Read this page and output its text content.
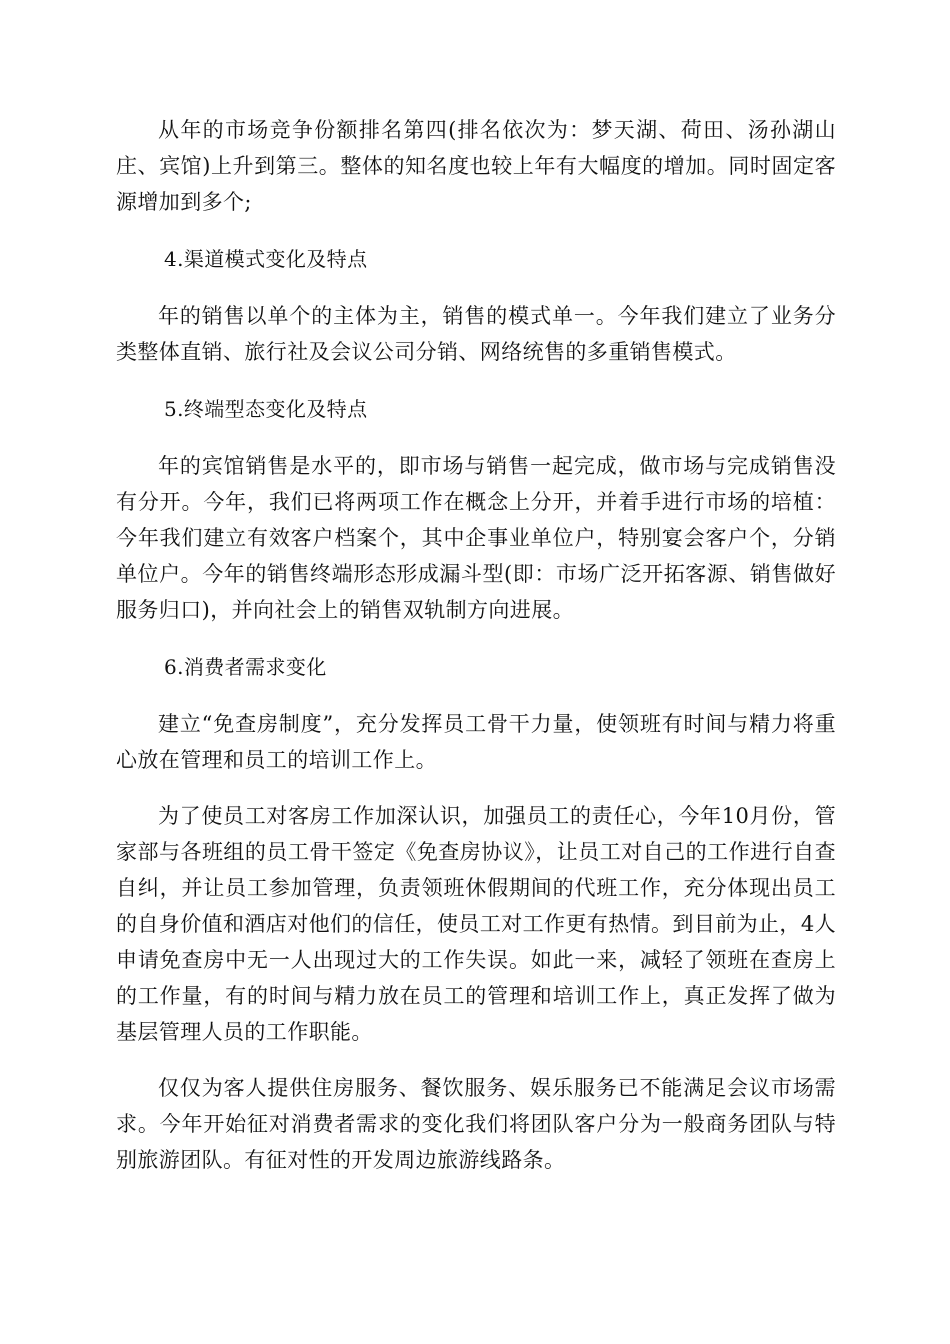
从年的市场竞争份额排名第四(排名依次为：梦天湖、荷田、汤孙湖山庄、宾馆)上升到第三。整体的知名度也较上年有大幅度的增加。同时固定客源增加到多个;

4.渠道模式变化及特点

年的销售以单个的主体为主，销售的模式单一。今年我们建立了业务分类整体直销、旅行社及会议公司分销、网络统售的多重销售模式。

5.终端型态变化及特点

年的宾馆销售是水平的，即市场与销售一起完成，做市场与完成销售没有分开。今年，我们已将两项工作在概念上分开，并着手进行市场的培植：今年我们建立有效客户档案个，其中企事业单位户，特别宴会客户个，分销单位户。今年的销售终端形态形成漏斗型(即：市场广泛开拓客源、销售做好服务归口)，并向社会上的销售双轨制方向进展。

6.消费者需求变化

建立“免查房制度”，充分发挥员工骨干力量，使领班有时间与精力将重心放在管理和员工的培训工作上。

为了使员工对客房工作加深认识，加强员工的责任心，今年10月份，管家部与各班组的员工骨干签定《免查房协议》，让员工对自己的工作进行自查自纠，并让员工参加管理，负责领班休假期间的代班工作，充分体现出员工的自身价值和酒店对他们的信任，使员工对工作更有热情。到目前为止，4人申请免查房中无一人出现过大的工作失误。如此一来，减轻了领班在查房上的工作量，有的时间与精力放在员工的管理和培训工作上，真正发挥了做为基层管理人员的工作职能。

仅仅为客人提供住房服务、餐饮服务、娱乐服务已不能满足会议市场需求。今年开始征对消费者需求的变化我们将团队客户分为一般商务团队与特别旅游团队。有征对性的开发周边旅游线路条。
